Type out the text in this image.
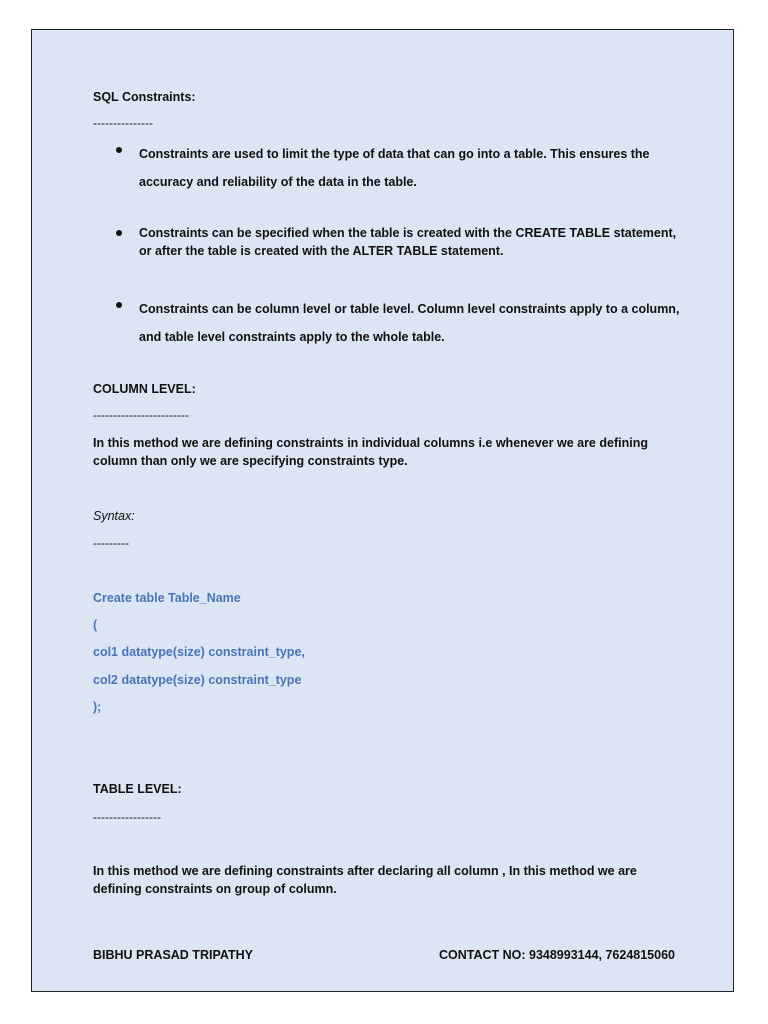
SQL Constraints:
---------------
Constraints are used to limit the type of data that can go into a table. This ensures the accuracy and reliability of the data in the table.
Constraints can be specified when the table is created with the CREATE TABLE statement, or after the table is created with the ALTER TABLE statement.
Constraints can be column level or table level. Column level constraints apply to a column, and table level constraints apply to the whole table.
COLUMN LEVEL:
------------------------
In this method we are defining constraints in individual columns i.e whenever we are defining column than only we are specifying constraints type.
Syntax:
---------
Create table Table_Name
(
col1 datatype(size) constraint_type,
col2 datatype(size) constraint_type
);
TABLE LEVEL:
-----------------
In this method we are defining constraints after declaring all column , In this method we are defining constraints on group of column.
BIBHU PRASAD TRIPATHY	CONTACT NO: 9348993144, 7624815060
